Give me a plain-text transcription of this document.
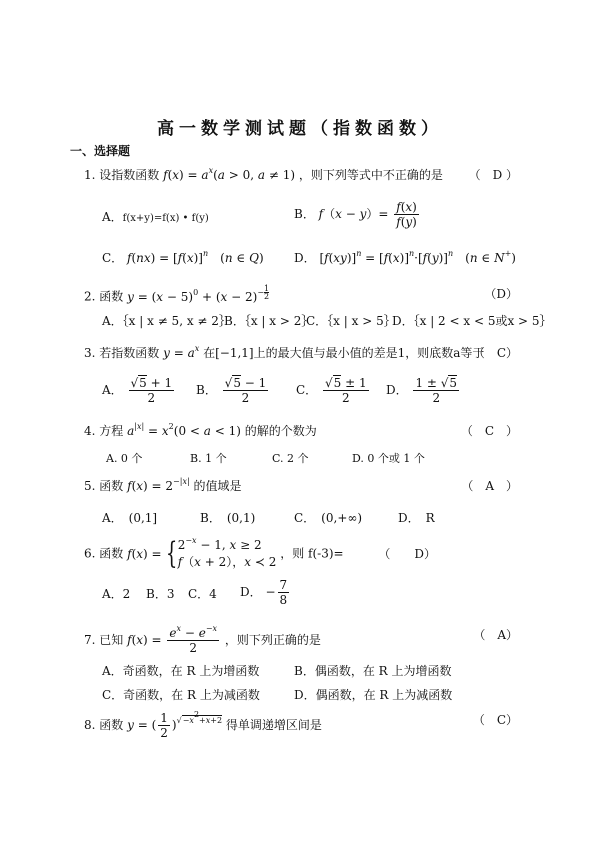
高一数学测试题（指数函数）
一、选择题
1. 设指数函数 $f(x) = a^x(a > 0$, a ≠ 1) ，则下列等式中不正确的是 （　D ）
A．f(x+y)=f(x) • f(y)	B． $f(x - y)= \frac{f(x)}{f(y)}$
C． $f(nx) = [f(x)]^n$　(n ∈ Q)	D． $[f(xy)]^n = [f(x)]^n\cdot[f(y)]^n$　(n ∈ N+)
2. 函数 $y = (x - 5)^0 + (x - 2)^{- \frac{1}{2}}$	（D）
A．｛x | x ≠ 5, x ≠ 2｝
B．｛x | x > 2｝
C．｛x | x > 5｝
D．｛x | 2 < x < 5或x > 5｝
3. 若指数函数 $y = a^x$ 在[−1,1]上的最大值与最小值的差是1，则底数a等于
（　C）
A． $\frac{√5 + 1}{2}$ B． $\frac{√5 - 1}{2}$ C． $\frac{√5 \pm 1}{2}$ D． $\frac{1 \pm √5}{2}$
4. 方程 $a^{|x|} = x^2(0 < a < 1)$ 的解的个数为	（　C　）
A. 0 个	B. 1 个	C. 2 个	D. 0 个或 1 个
5. 函数 $f(x) = 2^{-|x|}$ 的值域是	（　A　）
A．　(0,1]	B．　(0,1)	C．　(0,+∞)	D．　R
6. 函数 f(x) = { $2^{-x} - 1$, x ≥ 2
f（x + 2），x ≺ 2
，则 f(-3)=	（　　D）
A．2 B．3 C．4 D． − $\frac{7}{8}$
7. 已知 $f(x) = \frac{e^x - e^{-x}}{2}$ ，则下列正确的是	（　A）
A．奇函数，在 R 上为增函数	B．偶函数，在 R 上为增函数
C．奇函数，在 R 上为减函数	D．偶函数，在 R 上为减函数
8. 函数 y = ( $\frac{1}{2} )^{√-x^2+x+2}$ 得单调递增区间是	（　C）
